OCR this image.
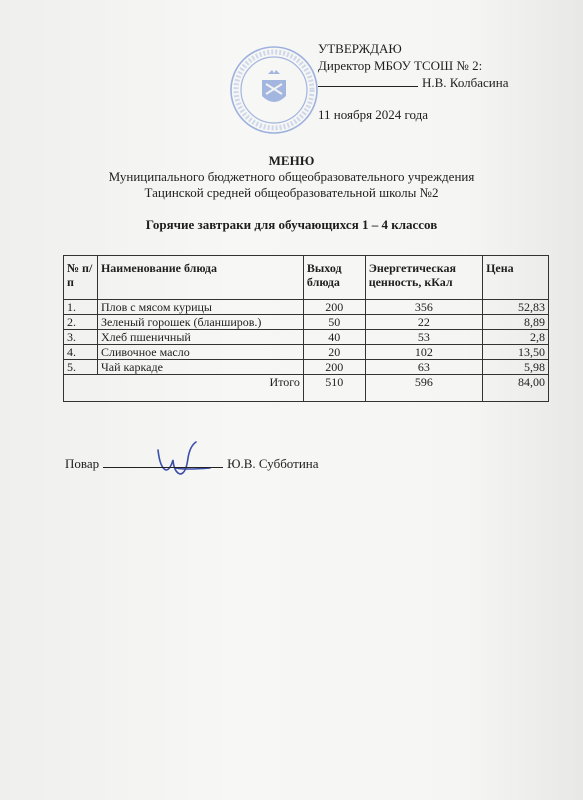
УТВЕРЖДАЮ
Директор МБОУ ТСОШ № 2:
Н.В. Колбасина
11 ноября 2024 года
МЕНЮ
Муниципального бюджетного общеобразовательного учреждения
Тацинской средней общеобразовательной школы №2
Горячие завтраки для обучающихся 1 – 4 классов
№ п/п	Наименование блюда	Выход блюда	Энергетическая ценность, кКал	Цена
1.	Плов с мясом курицы	200	356	52,83
2.	Зеленый горошек (бланширов.)	50	22	8,89
3.	Хлеб пшеничный	40	53	2,8
4.	Сливочное масло	20	102	13,50
5.	Чай каркаде	200	63	5,98
Итого		510	596	84,00
Повар	Ю.В. Субботина
